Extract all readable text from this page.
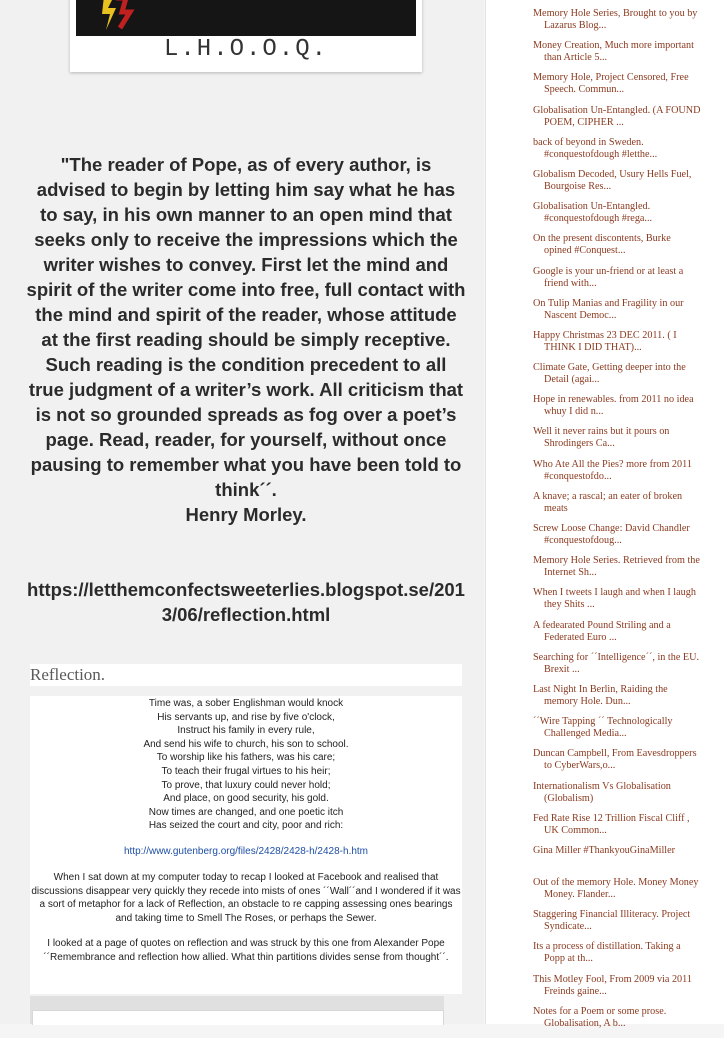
L.H.O.O.Q.

"The reader of Pope, as of every author, is advised to begin by letting him say what he has to say, in his own manner to an open mind that seeks only to receive the impressions which the writer wishes to convey. First let the mind and spirit of the writer come into free, full contact with the mind and spirit of the reader, whose attitude at the first reading should be simply receptive. Such reading is the condition precedent to all true judgment of a writer’s work. All criticism that is not so grounded spreads as fog over a poet’s page. Read, reader, for yourself, without once pausing to remember what you have been told to think´´.

Henry Morley.
https://letthemconfectsweeterlies.blogspot.se/201
3/06/reflection.html
Reflection.
Time was, a sober Englishman would knock
His servants up, and rise by five o'clock,
Instruct his family in every rule,
And send his wife to church, his son to school.
To worship like his fathers, was his care;
To teach their frugal virtues to his heir;
To prove, that luxury could never hold;
And place, on good security, his gold.
Now times are changed, and one poetic itch
Has seized the court and city, poor and rich:
http://www.gutenberg.org/files/2428/2428-h/2428-h.htm

When I sat down at my computer today to recap I looked at Facebook and realised that discussions disappear very quickly they recede into mists of ones ´´Wall´´and I wondered if it was a sort of metaphor for a lack of Reflection, an obstacle to re capping assessing ones bearings and taking time to Smell The Roses, or perhaps the Sewer.

I looked at a page of quotes on reflection and was struck by this one from Alexander Pope ´´Remembrance and reflection how allied. What thin partitions divides sense from thought´´.

Memory Hole Series, Brought to you by Lazarus Blog...
Money Creation, Much more important than Article 5...
Memory Hole, Project Censored, Free Speech. Commun...
Globalisation Un-Entangled. (A FOUND POEM, CIPHER ...
back of beyond in Sweden. #conquestofdough #letthe...
Globalism Decoded, Usury Hells Fuel, Bourgoise Res...
Globalisation Un-Entangled. #conquestofdough #rega...
On the present discontents, Burke opined #Conquest...
Google is your un-friend or at least a friend with...
On Tulip Manias and Fragility in our Nascent Democ...
Happy Christmas 23 DEC 2011. ( I THINK I DID THAT)...
Climate Gate, Getting deeper into the Detail (agai...
Hope in renewables. from 2011 no idea whuy I did n...
Well it never rains but it pours on Shrodingers Ca...
Who Ate All the Pies? more from 2011 #conquestofdo...
A knave; a rascal; an eater of broken meats
Screw Loose Change: David Chandler #conquestofdoug...
Memory Hole Series. Retrieved from the Internet Sh...
When I tweets I laugh and when I laugh they Shits ...
A fedearated Pound Striling and a Federated Euro ...
Searching for ´´Intelligence´´, in the EU. Brexit ...
Last Night In Berlin, Raiding the memory Hole. Dun...
´´Wire Tapping ´´ Technologically Challenged Media...
Duncan Campbell, From Eavesdroppers to CyberWars,o...
Internationalism Vs Globalisation (Globalism)
Fed Rate Rise 12 Trillion Fiscal Cliff , UK Common...
Gina Miller #ThankyouGinaMiller
Out of the memory Hole. Money Money Money. Flander...
Staggering Financial Illiteracy. Project Syndicate...
Its a process of distillation. Taking a Popp at th...
This Motley Fool, From 2009 via 2011 Freinds gaine...
Notes for a Poem or some prose. Globalisation, A b...
